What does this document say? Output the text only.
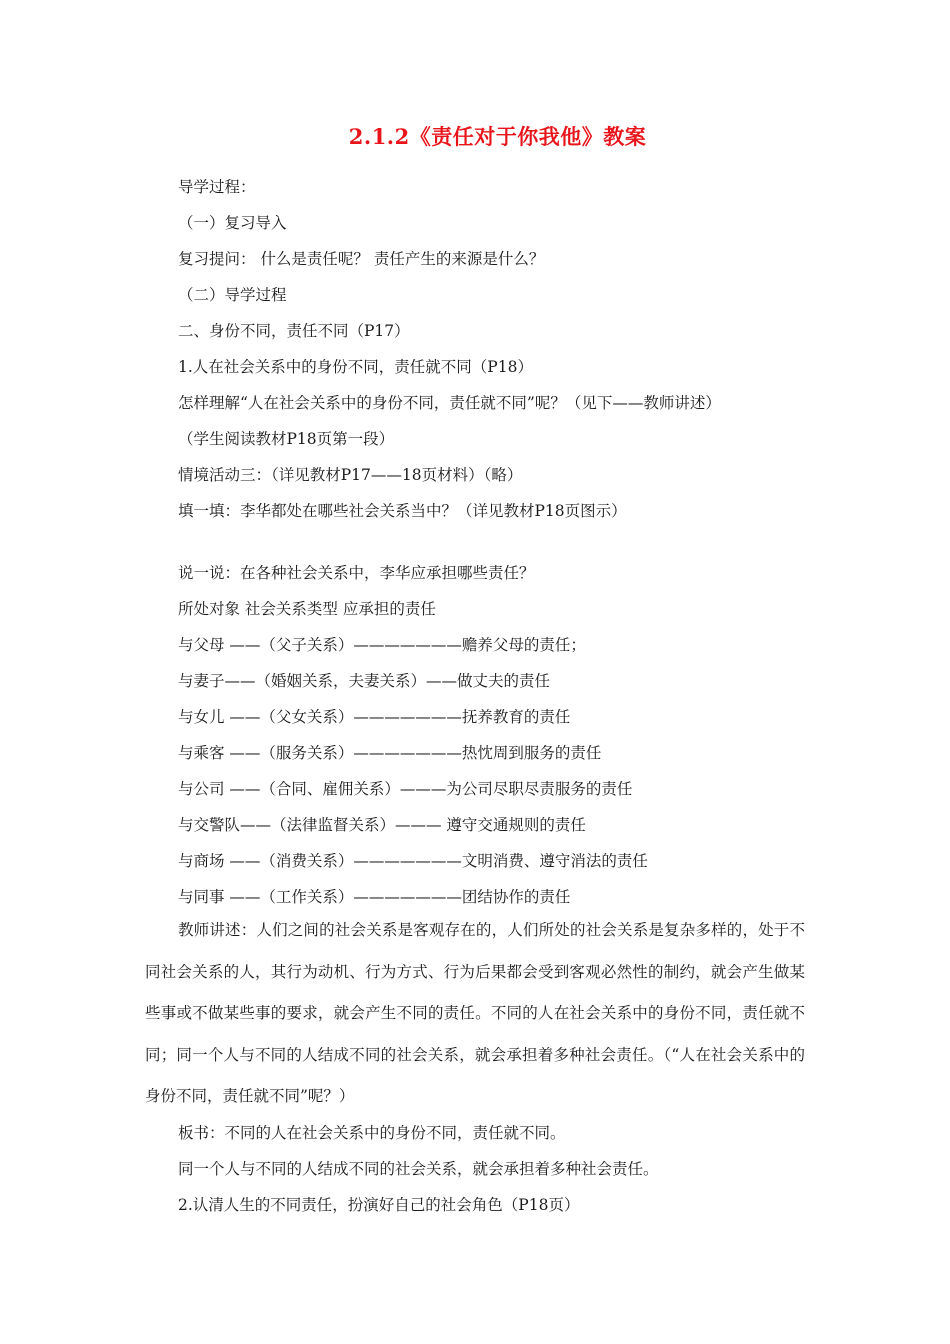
2.1.2《责任对于你我他》教案
导学过程：
（一）复习导入
复习提问： 什么是责任呢？ 责任产生的来源是什么？
（二）导学过程
二、身份不同，责任不同（P17）
1.人在社会关系中的身份不同，责任就不同（P18）
怎样理解“人在社会关系中的身份不同，责任就不同”呢？（见下——教师讲述）
（学生阅读教材P18页第一段）
情境活动三：（详见教材P17——18页材料）（略）
填一填：李华都处在哪些社会关系当中？（详见教材P18页图示）
说一说：在各种社会关系中，李华应承担哪些责任？
所处对象 社会关系类型 应承担的责任
与父母 ——（父子关系）———————赡养父母的责任；
与妻子——（婚姻关系，夫妻关系）——做丈夫的责任
与女儿 ——（父女关系）———————抚养教育的责任
与乘客 ——（服务关系）———————热忱周到服务的责任
与公司 ——（合同、雇佣关系）———为公司尽职尽责服务的责任
与交警队——（法律监督关系）——— 遵守交通规则的责任
与商场 ——（消费关系）———————文明消费、遵守消法的责任
与同事 ——（工作关系）———————团结协作的责任
教师讲述：人们之间的社会关系是客观存在的，人们所处的社会关系是复杂多样的，处于不同社会关系的人，其行为动机、行为方式、行为后果都会受到客观必然性的制约，就会产生做某些事或不做某些事的要求，就会产生不同的责任。不同的人在社会关系中的身份不同，责任就不同；同一个人与不同的人结成不同的社会关系，就会承担着多种社会责任。（“人在社会关系中的身份不同，责任就不同”呢？）
板书：不同的人在社会关系中的身份不同，责任就不同。
同一个人与不同的人结成不同的社会关系，就会承担着多种社会责任。
2.认清人生的不同责任，扮演好自己的社会角色（P18页）
